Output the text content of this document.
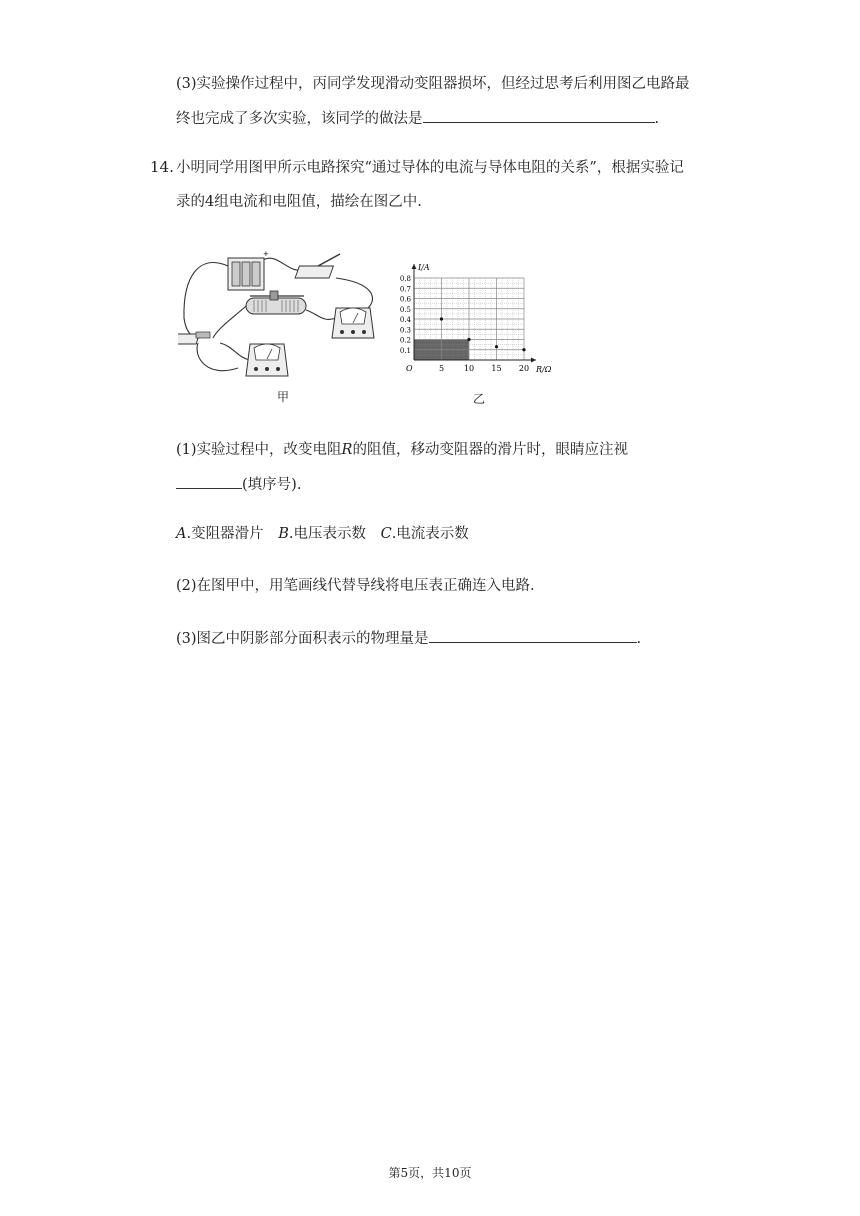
(3)实验操作过程中，丙同学发现滑动变阻器损坏，但经过思考后利用图乙电路最
终也完成了多次实验，该同学的做法是	.
14. 小明同学用图甲所示电路探究“通过导体的电流与导体电阻的关系”，根据实验记
录的4组电流和电阻值，描绘在图乙中.
+
甲
5 10 15 20
0.1
0.2
0.3
0.4
0.5
0.6
0.7
0.8
O	R/Ω
I/A
乙
(1)实验过程中，改变电阻R的阻值，移动变阻器的滑片时，眼睛应注视
(填序号).
A.变阻器滑片 B.电压表示数 C.电流表示数
(2)在图甲中，用笔画线代替导线将电压表正确连入电路.
(3)图乙中阴影部分面积表示的物理量是	.
第5页，共10页
